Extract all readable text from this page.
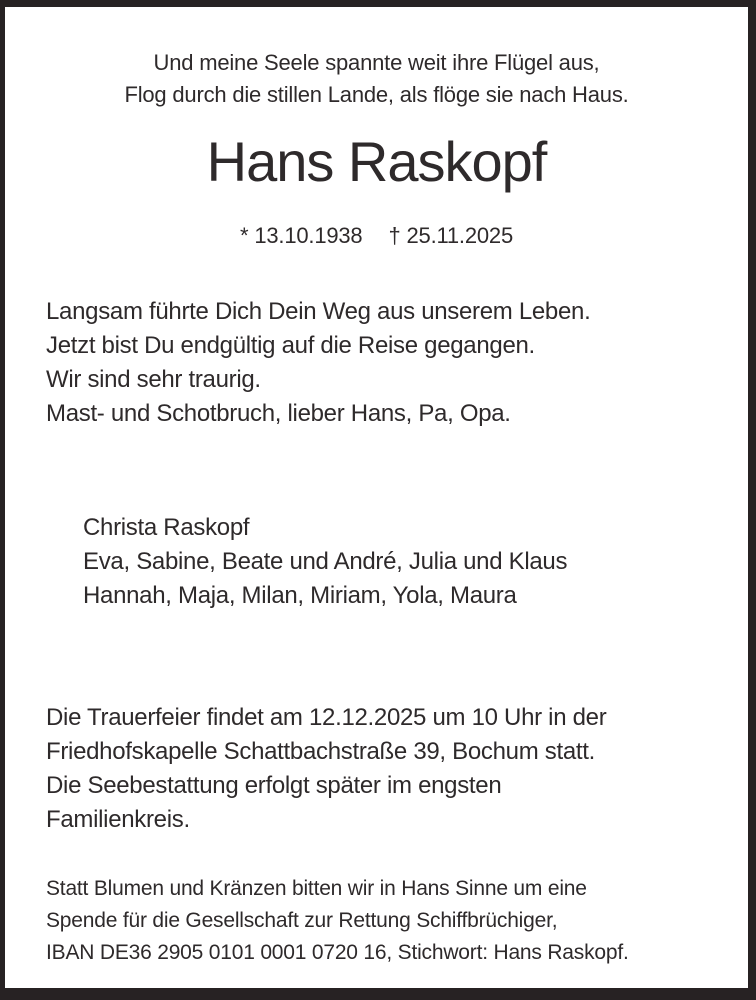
Und meine Seele spannte weit ihre Flügel aus,
Flog durch die stillen Lande, als flöge sie nach Haus.
Hans Raskopf
* 13.10.1938 † 25.11.2025
Langsam führte Dich Dein Weg aus unserem Leben.
Jetzt bist Du endgültig auf die Reise gegangen.
Wir sind sehr traurig.
Mast- und Schotbruch, lieber Hans, Pa, Opa.
Christa Raskopf
Eva, Sabine, Beate und André, Julia und Klaus
Hannah, Maja, Milan, Miriam, Yola, Maura
Die Trauerfeier findet am 12.12.2025 um 10 Uhr in der
Friedhofskapelle Schattbachstraße 39, Bochum statt.
Die Seebestattung erfolgt später im engsten
Familienkreis.
Statt Blumen und Kränzen bitten wir in Hans Sinne um eine
Spende für die Gesellschaft zur Rettung Schiffbrüchiger,
IBAN DE36 2905 0101 0001 0720 16, Stichwort: Hans Raskopf.
